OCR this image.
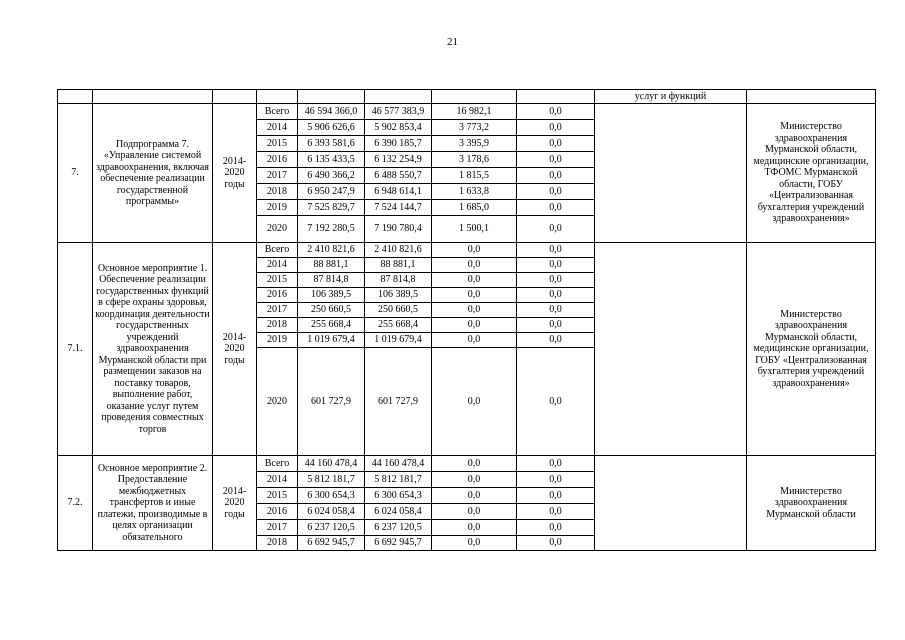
21
								услуг и функций	
7.	Подпрограмма 7. «Управление системой здравоохранения, включая обеспечение реализации государственной программы»	2014-2020 годы	Всего	46 594 366,0	46 577 383,9	16 982,1	0,0		Министерство здравоохранения Мурманской области, медицинские организации, ТФОМС Мурманской области, ГОБУ «Централизованная бухгалтерия учреждений здравоохранения»
			2014	5 906 626,6	5 902 853,4	3 773,2	0,0		
			2015	6 393 581,6	6 390 185,7	3 395,9	0,0		
			2016	6 135 433,5	6 132 254,9	3 178,6	0,0		
			2017	6 490 366,2	6 488 550,7	1 815,5	0,0		
			2018	6 950 247,9	6 948 614,1	1 633,8	0,0		
			2019	7 525 829,7	7 524 144,7	1 685,0	0,0		
			2020	7 192 280,5	7 190 780,4	1 500,1	0,0		
7.1.	Основное мероприятие 1. Обеспечение реализации государственных функций в сфере охраны здоровья, координация деятельности государственных учреждений здравоохранения Мурманской области при размещении заказов на поставку товаров, выполнение работ, оказание услуг путем проведения совместных торгов	2014-2020 годы	Всего	2 410 821,6	2 410 821,6	0,0	0,0		Министерство здравоохранения Мурманской области, медицинские организации, ГОБУ «Централизованная бухгалтерия учреждений здравоохранения»
			2014	88 881,1	88 881,1	0,0	0,0		
			2015	87 814,8	87 814,8	0,0	0,0		
			2016	106 389,5	106 389,5	0,0	0,0		
			2017	250 660,5	250 660,5	0,0	0,0		
			2018	255 668,4	255 668,4	0,0	0,0		
			2019	1 019 679,4	1 019 679,4	0,0	0,0		
			2020	601 727,9	601 727,9	0,0	0,0		
7.2.	Основное мероприятие 2. Предоставление межбюджетных трансфертов и иные платежи, производимые в целях организации обязательного	2014-2020 годы	Всего	44 160 478,4	44 160 478,4	0,0	0,0		Министерство здравоохранения Мурманской области
			2014	5 812 181,7	5 812 181,7	0,0	0,0		
			2015	6 300 654,3	6 300 654,3	0,0	0,0		
			2016	6 024 058,4	6 024 058,4	0,0	0,0		
			2017	6 237 120,5	6 237 120,5	0,0	0,0		
			2018	6 692 945,7	6 692 945,7	0,0	0,0		
